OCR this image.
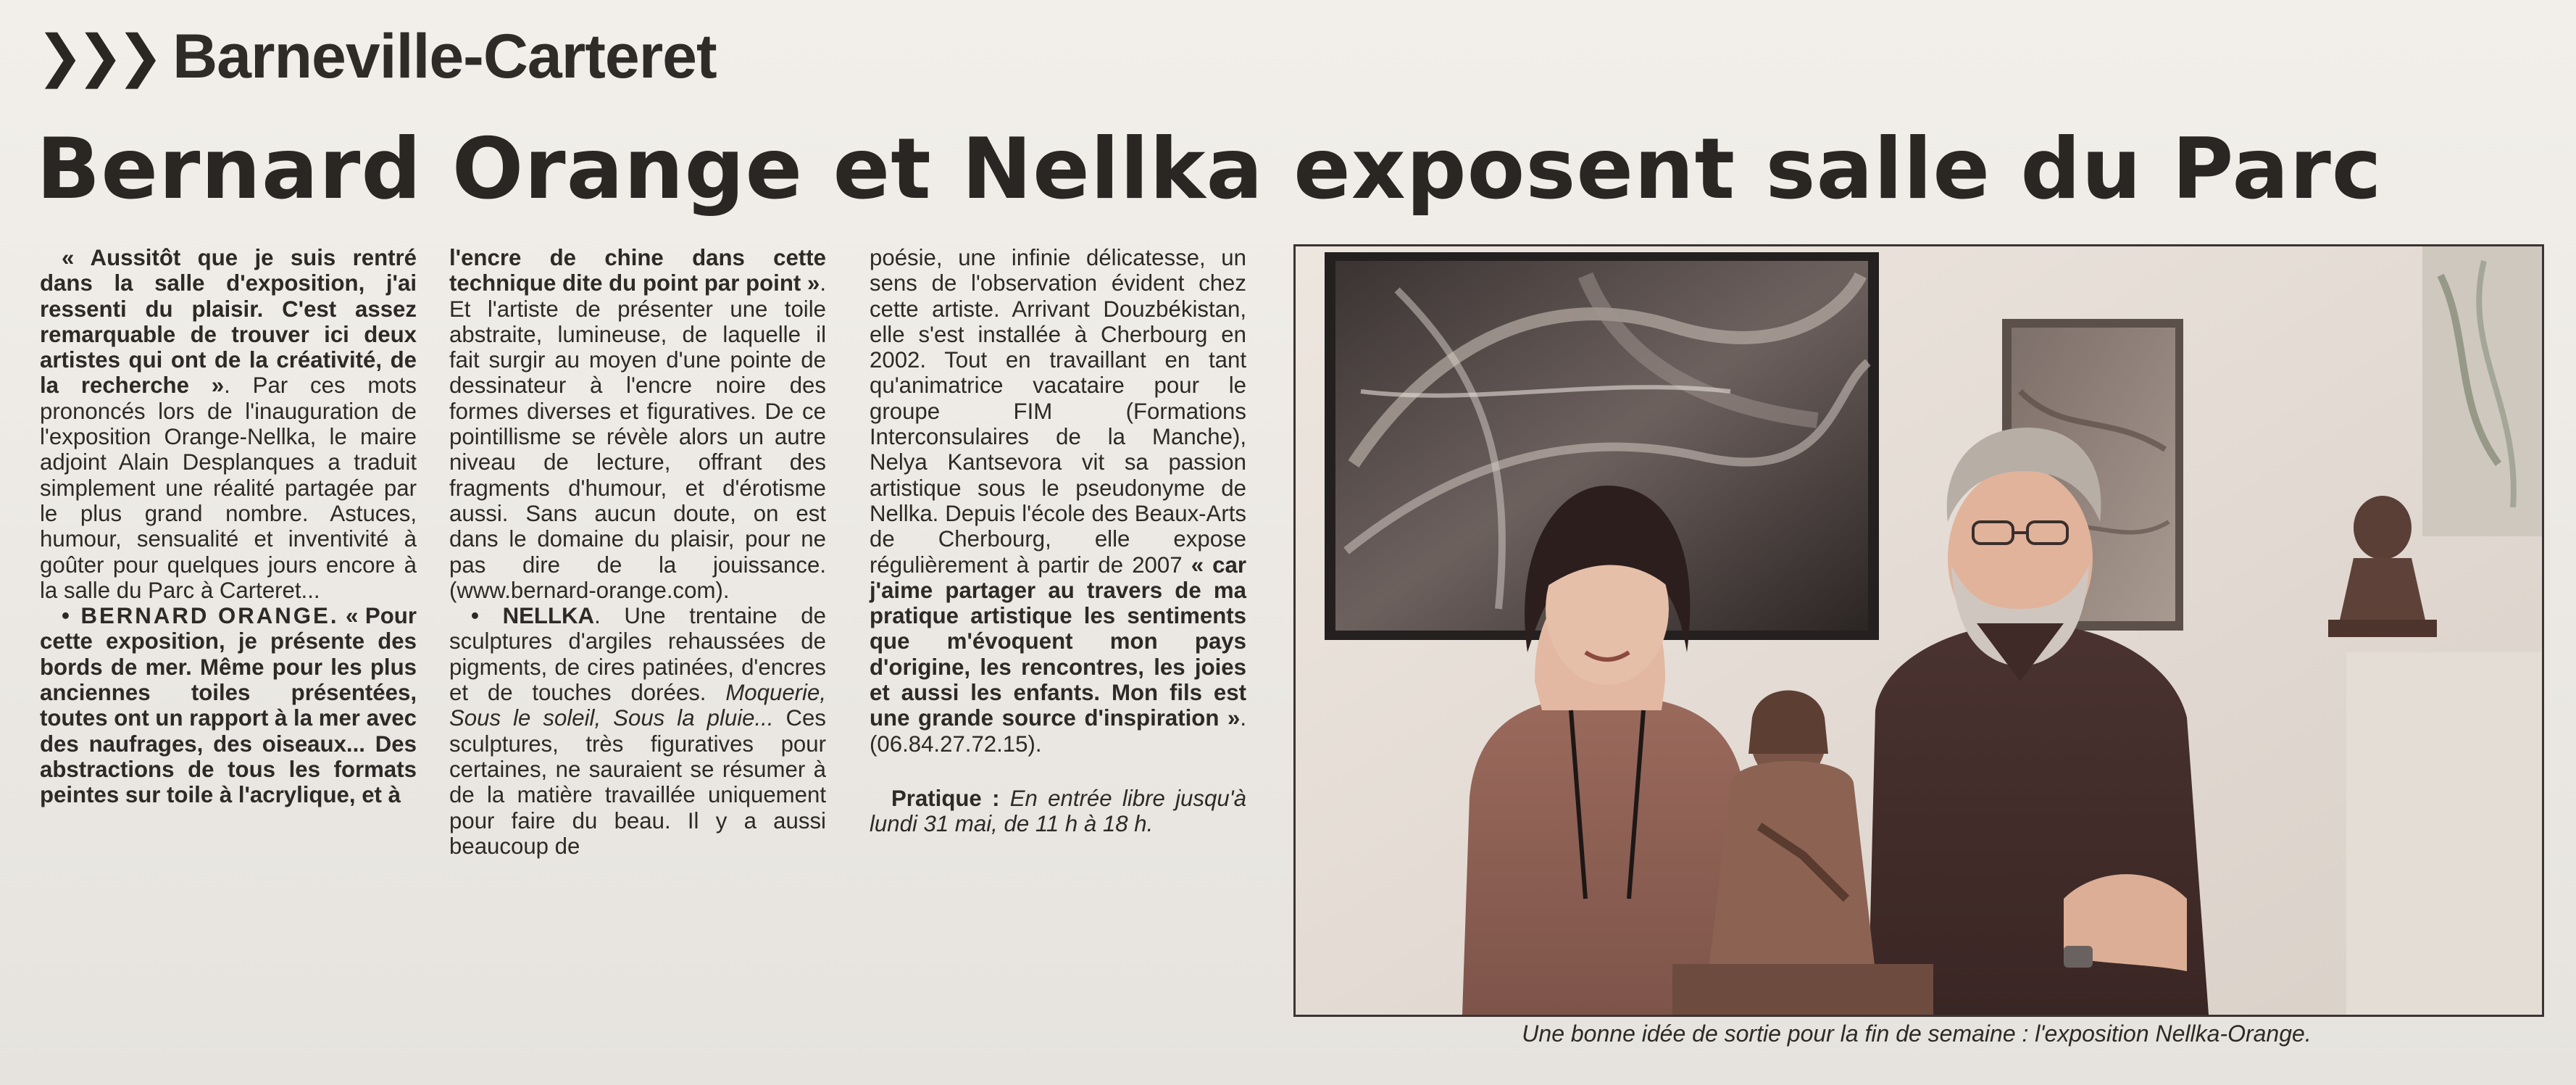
❯❯❯ Barneville-Carteret
Bernard Orange et Nellka exposent salle du Parc

« Aussitôt que je suis rentré dans la salle d'exposition, j'ai ressenti du plaisir. C'est assez remarquable de trouver ici deux artistes qui ont de la créativité, de la recherche ». Par ces mots prononcés lors de l'inauguration de l'exposition Orange-Nellka, le maire adjoint Alain Desplanques a traduit simplement une réalité partagée par le plus grand nombre. Astuces, humour, sensualité et inventivité à goûter pour quelques jours encore à la salle du Parc à Carteret...

• BERNARD ORANGE. « Pour cette exposition, je présente des bords de mer. Même pour les plus anciennes toiles présentées, toutes ont un rapport à la mer avec des naufrages, des oiseaux... Des abstractions de tous les formats peintes sur toile à l'acrylique, et à

l'encre de chine dans cette technique dite du point par point ». Et l'artiste de présenter une toile abstraite, lumineuse, de laquelle il fait surgir au moyen d'une pointe de dessinateur à l'encre noire des formes diverses et figuratives. De ce pointillisme se révèle alors un autre niveau de lecture, offrant des fragments d'humour, et d'érotisme aussi. Sans aucun doute, on est dans le domaine du plaisir, pour ne pas dire de la jouissance. (www.bernard-orange.com).

• NELLKA. Une trentaine de sculptures d'argiles rehaussées de pigments, de cires patinées, d'encres et de touches dorées. Moquerie, Sous le soleil, Sous la pluie... Ces sculptures, très figuratives pour certaines, ne sauraient se résumer à de la matière travaillée uniquement pour faire du beau. Il y a aussi beaucoup de

poésie, une infinie délicatesse, un sens de l'observation évident chez cette artiste. Arrivant Douzbékistan, elle s'est installée à Cherbourg en 2002. Tout en travaillant en tant qu'animatrice vacataire pour le groupe FIM (Formations Interconsulaires de la Manche), Nelya Kantsevora vit sa passion artistique sous le pseudonyme de Nellka. Depuis l'école des Beaux-Arts de Cherbourg, elle expose régulièrement à partir de 2007 « car j'aime partager au travers de ma pratique artistique les sentiments que m'évoquent mon pays d'origine, les rencontres, les joies et aussi les enfants. Mon fils est une grande source d'inspiration ». (06.84.27.72.15).

Pratique : En entrée libre jusqu'à lundi 31 mai, de 11 h à 18 h.

Une bonne idée de sortie pour la fin de semaine : l'exposition Nellka-Orange.
